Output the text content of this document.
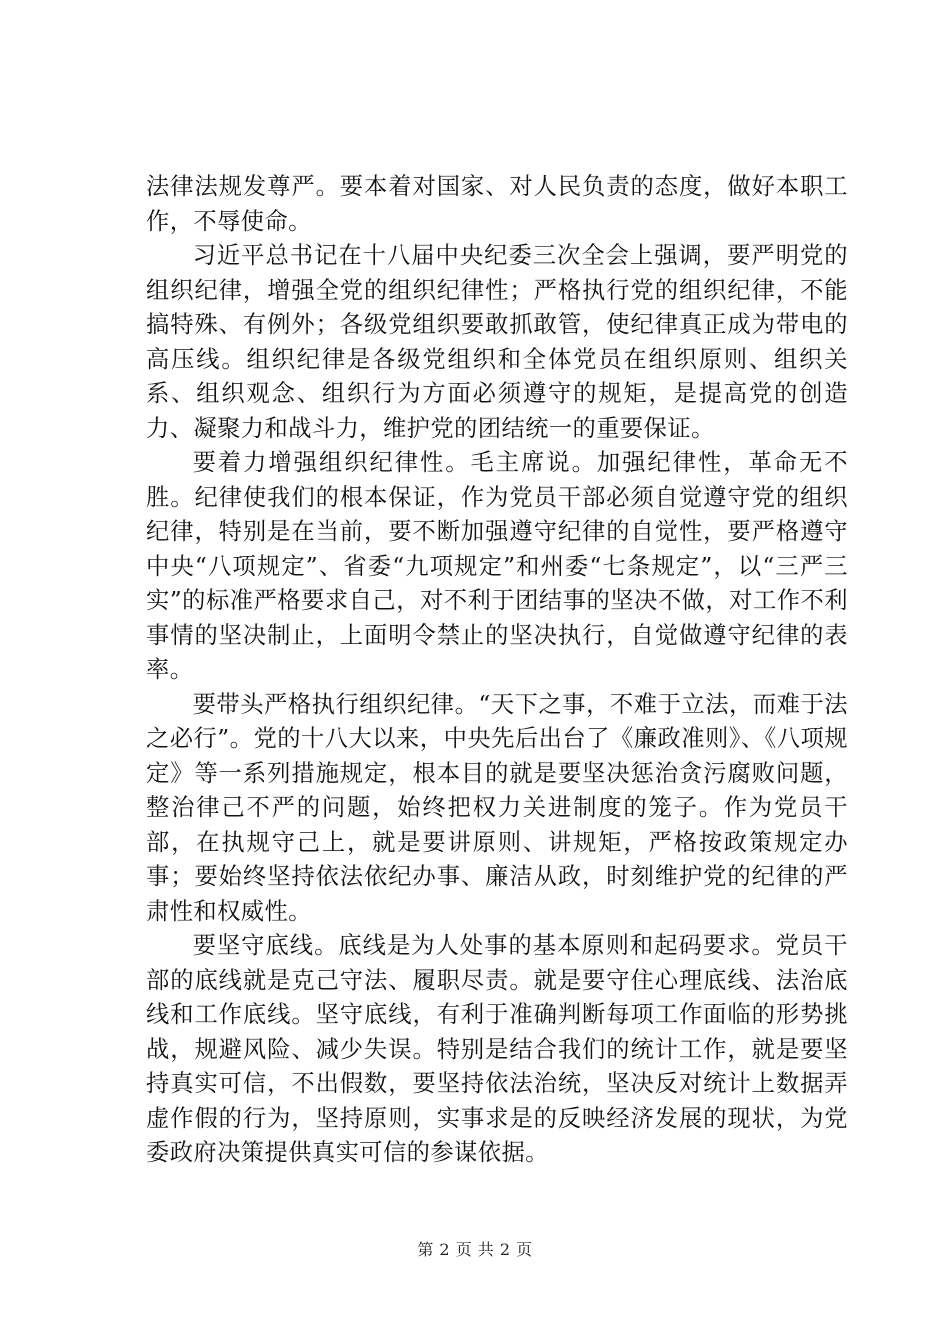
法律法规发尊严。要本着对国家、对人民负责的态度，做好本职工作，不辱使命。

习近平总书记在十八届中央纪委三次全会上强调，要严明党的组织纪律，增强全党的组织纪律性；严格执行党的组织纪律，不能搞特殊、有例外；各级党组织要敢抓敢管，使纪律真正成为带电的高压线。组织纪律是各级党组织和全体党员在组织原则、组织关系、组织观念、组织行为方面必须遵守的规矩，是提高党的创造力、凝聚力和战斗力，维护党的团结统一的重要保证。

要着力增强组织纪律性。毛主席说。加强纪律性，革命无不胜。纪律使我们的根本保证，作为党员干部必须自觉遵守党的组织纪律，特别是在当前，要不断加强遵守纪律的自觉性，要严格遵守中央“八项规定”、省委“九项规定”和州委“七条规定”，以“三严三实”的标准严格要求自己，对不利于团结事的坚决不做，对工作不利事情的坚决制止，上面明令禁止的坚决执行，自觉做遵守纪律的表率。

要带头严格执行组织纪律。“天下之事，不难于立法，而难于法之必行”。党的十八大以来，中央先后出台了《廉政准则》、《八项规定》等一系列措施规定，根本目的就是要坚决惩治贪污腐败问题，整治律己不严的问题，始终把权力关进制度的笼子。作为党员干部，在执规守己上，就是要讲原则、讲规矩，严格按政策规定办事；要始终坚持依法依纪办事、廉洁从政，时刻维护党的纪律的严肃性和权威性。

要坚守底线。底线是为人处事的基本原则和起码要求。党员干部的底线就是克己守法、履职尽责。就是要守住心理底线、法治底线和工作底线。坚守底线，有利于准确判断每项工作面临的形势挑战，规避风险、减少失误。特别是结合我们的统计工作，就是要坚持真实可信，不出假数，要坚持依法治统，坚决反对统计上数据弄虚作假的行为，坚持原则，实事求是的反映经济发展的现状，为党委政府决策提供真实可信的参谋依据。

第 2 页 共 2 页
